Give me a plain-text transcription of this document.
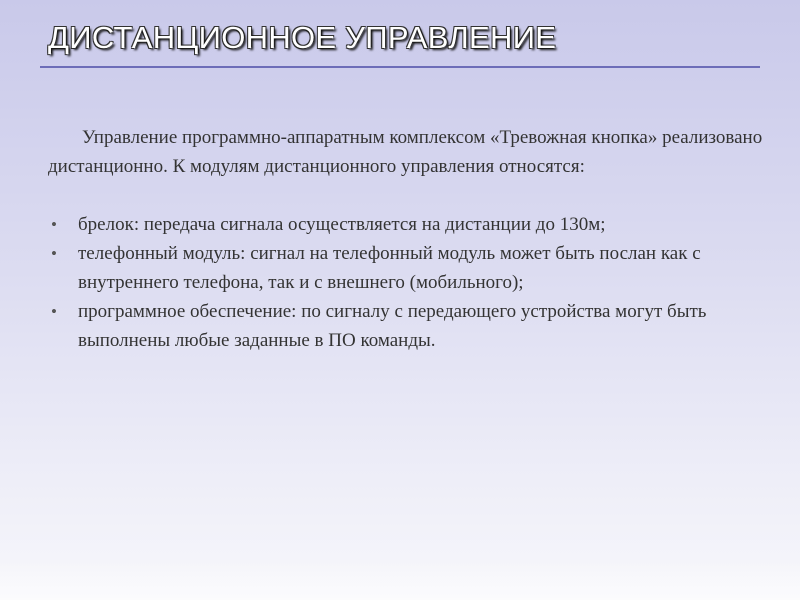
ДИСТАНЦИОННОЕ УПРАВЛЕНИЕ

Управление программно-аппаратным комплексом «Тревожная кнопка» реализовано дистанционно. К модулям дистанционного управления относятся:

• брелок: передача сигнала осуществляется на дистанции до 130м;
• телефонный модуль: сигнал на телефонный модуль может быть послан как с внутреннего телефона, так и с внешнего (мобильного);
• программное обеспечение: по сигналу с передающего устройства могут быть выполнены любые заданные в ПО команды.
